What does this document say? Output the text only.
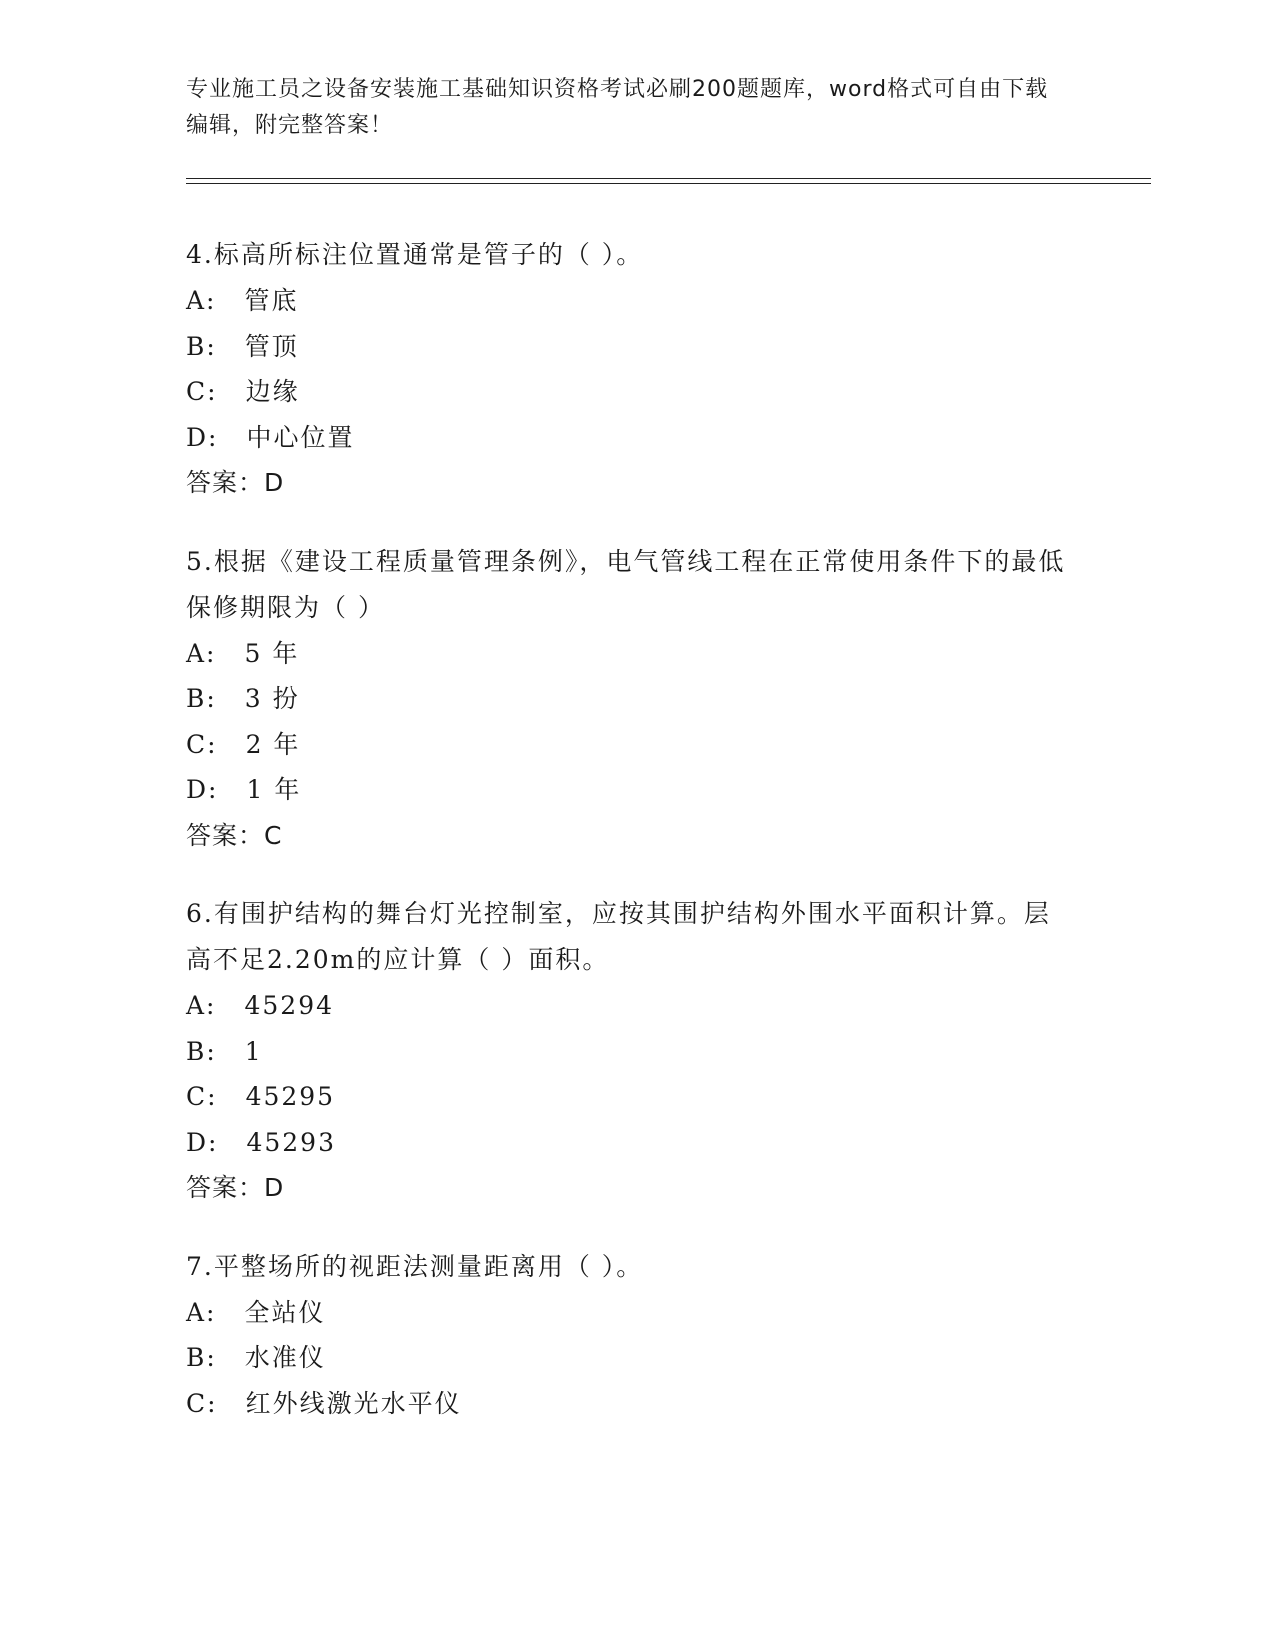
专业施工员之设备安装施工基础知识资格考试必刷200题题库，word格式可自由下载编辑，附完整答案！
4.标高所标注位置通常是管子的（ ）。
A: 管底
B: 管顶
C: 边缘
D: 中心位置
答案：D
5.根据《建设工程质量管理条例》，电气管线工程在正常使用条件下的最低保修期限为（ ）
A: 5 年
B: 3 扮
C: 2 年
D: 1 年
答案：C
6.有围护结构的舞台灯光控制室，应按其围护结构外围水平面积计算。层高不足2.20m的应计算（ ）面积。
A: 45294
B: 1
C: 45295
D: 45293
答案：D
7.平整场所的视距法测量距离用（ ）。
A: 全站仪
B: 水准仪
C: 红外线激光水平仪
